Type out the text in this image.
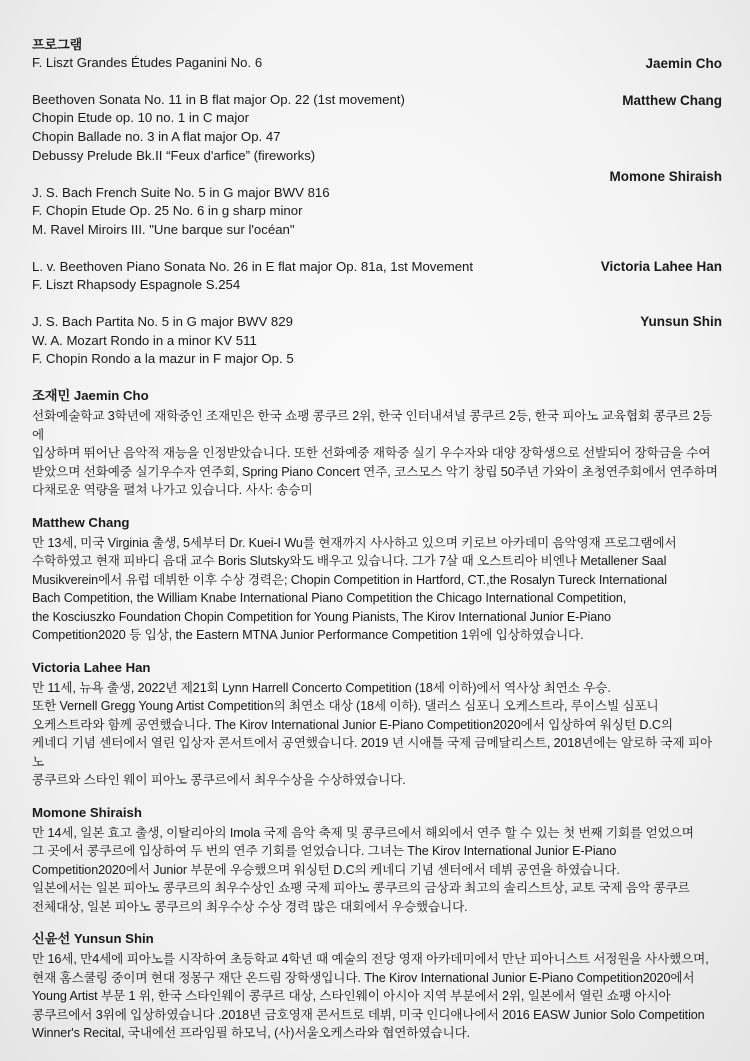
프로그램
Jaemin Cho
F. Liszt Grandes Études Paganini No. 6
Matthew Chang
Beethoven Sonata No. 11 in B flat major Op. 22 (1st movement)
Chopin Etude op. 10 no. 1 in C major
Chopin Ballade no. 3 in A flat major Op. 47
Debussy Prelude Bk.II “Feux d'arfice” (fireworks)
Momone Shiraish
J. S. Bach French Suite No. 5 in G major BWV 816
F. Chopin Etude Op. 25 No. 6 in g sharp minor
M. Ravel Miroirs III. "Une barque sur l'océan"
Victoria Lahee Han
L. v. Beethoven Piano Sonata No. 26 in E flat major Op. 81a, 1st Movement
F. Liszt Rhapsody Espagnole S.254
Yunsun Shin
J. S. Bach Partita No. 5 in G major BWV 829
W. A. Mozart Rondo in a minor KV 511
F. Chopin Rondo a la mazur in F major Op. 5
조재민 Jaemin Cho
선화예술학교 3학년에 재학중인 조재민은 한국 쇼팽 콩쿠르 2위, 한국 인터내셔널 콩쿠르 2등, 한국 피아노 교육협회 콩쿠르 2등에
입상하며 뛰어난 음악적 재능을 인정받았습니다. 또한 선화예중 재학중 실기 우수자와 대양 장학생으로 선발되어 장학금을 수여
받았으며 선화예중 실기우수자 연주회, Spring Piano Concert 연주, 코스모스 악기 창립 50주년 가와이 초청연주회에서 연주하며
다채로운 역량을 펼쳐 나가고 있습니다. 사사: 송승미
Matthew Chang
만 13세, 미국 Virginia 출생, 5세부터 Dr. Kuei-I Wu를 현재까지 사사하고 있으며 키로브 아카데미 음악영재 프로그램에서
수학하였고 현재 피바디 음대 교수 Boris Slutsky와도 배우고 있습니다. 그가 7살 때 오스트리아 비엔나 Metallener Saal
Musikverein에서 유럽 데뷔한 이후 수상 경력은; Chopin Competition in Hartford, CT.,the Rosalyn Tureck International
Bach Competition, the William Knabe International Piano Competition the Chicago International Competition,
the Kosciuszko Foundation Chopin Competition for Young Pianists, The Kirov International Junior E-Piano
Competition2020 등 입상, the Eastern MTNA Junior Performance Competition 1위에 입상하였습니다.
Victoria Lahee Han
만 11세, 뉴욕 출생, 2022년 제21회 Lynn Harrell Concerto Competition (18세 이하)에서 역사상 최연소 우승.
또한 Vernell Gregg Young Artist Competition의 최연소 대상 (18세 이하). 댈러스 심포니 오케스트라, 루이스빌 심포니
오케스트라와 함께 공연했습니다. The Kirov International Junior E-Piano Competition2020에서 입상하여 워싱턴 D.C의
케네디 기념 센터에서 열린 입상자 콘서트에서 공연했습니다. 2019 년 시애틀 국제 금메달리스트, 2018년에는 알로하 국제 피아노
콩쿠르와 스타인 웨이 피아노 콩쿠르에서 최우수상을 수상하였습니다.
Momone Shiraish
만 14세, 일본 효고 출생, 이탈리아의 Imola 국제 음악 축제 및 콩쿠르에서 해외에서 연주 할 수 있는 첫 번째 기회를 얻었으며
그 곳에서 콩쿠르에 입상하여 두 번의 연주 기회를 얻었습니다. 그녀는 The Kirov International Junior E-Piano
Competition2020에서 Junior 부문에 우승했으며 워싱턴 D.C의 케네디 기념 센터에서 데뷔 공연을 하였습니다.
일본에서는 일본 피아노 콩쿠르의 최우수상인 쇼팽 국제 피아노 콩쿠르의 금상과 최고의 솔리스트상, 교토 국제 음악 콩쿠르
전체대상, 일본 피아노 콩쿠르의 최우수상 수상 경력 많은 대회에서 우승했습니다.
신윤선 Yunsun Shin
만 16세, 만4세에 피아노를 시작하여 초등학교 4학년 때 예술의 전당 영재 아카데미에서 만난 피아니스트 서정원을 사사했으며,
현재 홈스쿨링 중이며 현대 정몽구 재단 온드림 장학생입니다. The Kirov International Junior E-Piano Competition2020에서
Young Artist 부문 1 위, 한국 스타인웨이 콩쿠르 대상, 스타인웨이 아시아 지역 부분에서 2위, 일본에서 열린 쇼팽 아시아
콩쿠르에서 3위에 입상하였습니다 .2018년 금호영재 콘서트로 데뷔, 미국 인디애나에서 2016 EASW Junior Solo Competition
Winner's Recital, 국내에선 프라임필 하모닉, (사)서울오케스라와 협연하였습니다.
